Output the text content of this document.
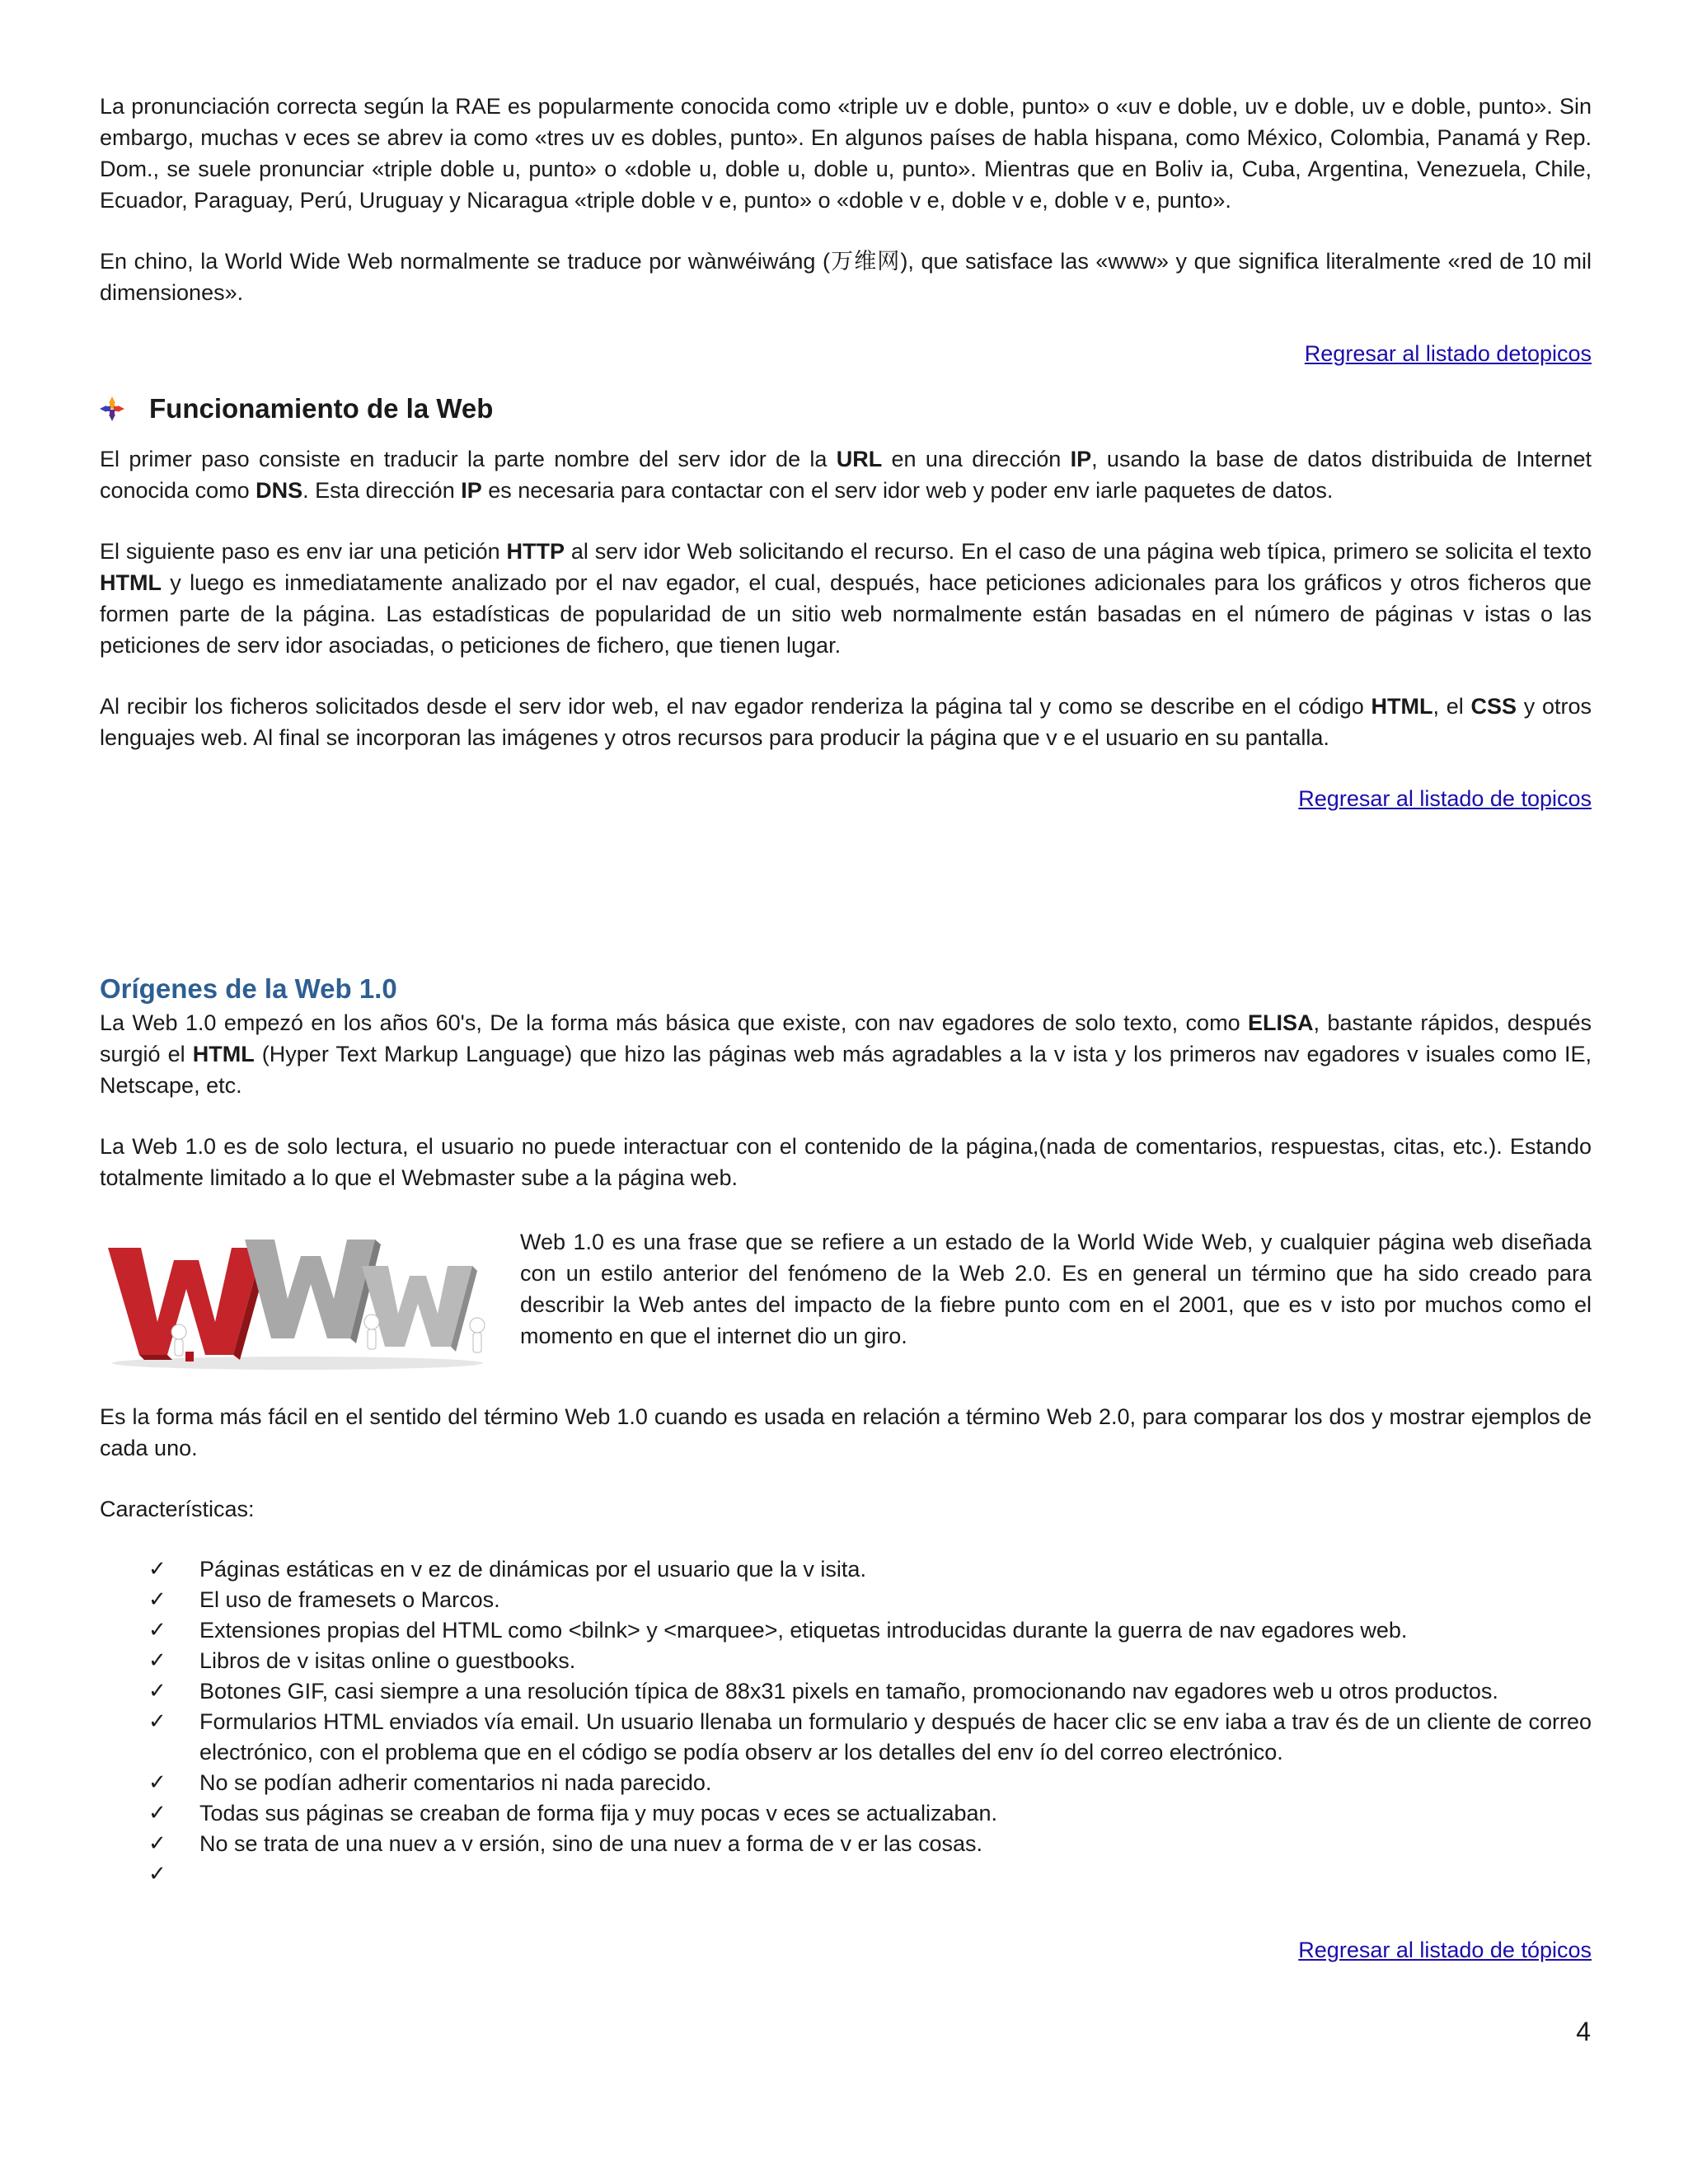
La pronunciación correcta según la RAE es popularmente conocida como «triple uv e doble, punto» o «uv e doble, uv e doble, uv e doble, punto». Sin embargo, muchas v eces se abrev ia como «tres uv es dobles, punto». En algunos países de habla hispana, como México, Colombia, Panamá y Rep. Dom., se suele pronunciar «triple doble u, punto» o «doble u, doble u, doble u, punto». Mientras que en Boliv ia, Cuba, Argentina, Venezuela, Chile, Ecuador, Paraguay, Perú, Uruguay y Nicaragua «triple doble v e, punto» o «doble v e, doble v e, doble v e, punto».

En chino, la World Wide Web normalmente se traduce por wànwéiwáng (万维网), que satisface las «www» y que significa literalmente «red de 10 mil dimensiones».

Regresar al listado detopicos
Funcionamiento de la Web

El primer paso consiste en traducir la parte nombre del serv idor de la URL en una dirección IP, usando la base de datos distribuida de Internet conocida como DNS. Esta dirección IP es necesaria para contactar con el serv idor web y poder env iarle paquetes de datos.

El siguiente paso es env iar una petición HTTP al serv idor Web solicitando el recurso. En el caso de una página web típica, primero se solicita el texto HTML y luego es inmediatamente analizado por el nav egador, el cual, después, hace peticiones adicionales para los gráficos y otros ficheros que formen parte de la página. Las estadísticas de popularidad de un sitio web normalmente están basadas en el número de páginas v istas o las peticiones de serv idor asociadas, o peticiones de fichero, que tienen lugar.

Al recibir los ficheros solicitados desde el serv idor web, el nav egador renderiza la página tal y como se describe en el código HTML, el CSS y otros lenguajes web. Al final se incorporan las imágenes y otros recursos para producir la página que v e el usuario en su pantalla.

Regresar al listado de topicos
Orígenes de la Web 1.0

La Web 1.0 empezó en los años 60's, De la forma más básica que existe, con nav egadores de solo texto, como ELISA, bastante rápidos, después surgió el HTML (Hyper Text Markup Language) que hizo las páginas web más agradables a la v ista y los primeros nav egadores v isuales como IE, Netscape, etc.

La Web 1.0 es de solo lectura, el usuario no puede interactuar con el contenido de la página,(nada de comentarios, respuestas, citas, etc.). Estando totalmente limitado a lo que el Webmaster sube a la página web.

Web 1.0 es una frase que se refiere a un estado de la World Wide Web, y cualquier página web diseñada con un estilo anterior del fenómeno de la Web 2.0. Es en general un término que ha sido creado para describir la Web antes del impacto de la fiebre punto com en el 2001, que es v isto por muchos como el momento en que el internet dio un giro.

Es la forma más fácil en el sentido del término Web 1.0 cuando es usada en relación a término Web 2.0, para comparar los dos y mostrar ejemplos de cada uno.

Características:

✓	Páginas estáticas en v ez de dinámicas por el usuario que la v isita.
✓	El uso de framesets o Marcos.
✓	Extensiones propias del HTML como <bilnk> y <marquee>, etiquetas introducidas durante la guerra de nav egadores web.
✓	Libros de v isitas online o guestbooks.
✓	Botones GIF, casi siempre a una resolución típica de 88x31 pixels en tamaño, promocionando nav egadores web u otros productos.
✓	Formularios HTML enviados vía email. Un usuario llenaba un formulario y después de hacer clic se env iaba a trav és de un cliente de correo electrónico, con el problema que en el código se podía observ ar los detalles del env ío del correo electrónico.
✓	No se podían adherir comentarios ni nada parecido.
✓	Todas sus páginas se creaban de forma fija y muy pocas v eces se actualizaban.
✓	No se trata de una nuev a v ersión, sino de una nuev a forma de v er las cosas.
✓
Regresar al listado de tópicos
4
